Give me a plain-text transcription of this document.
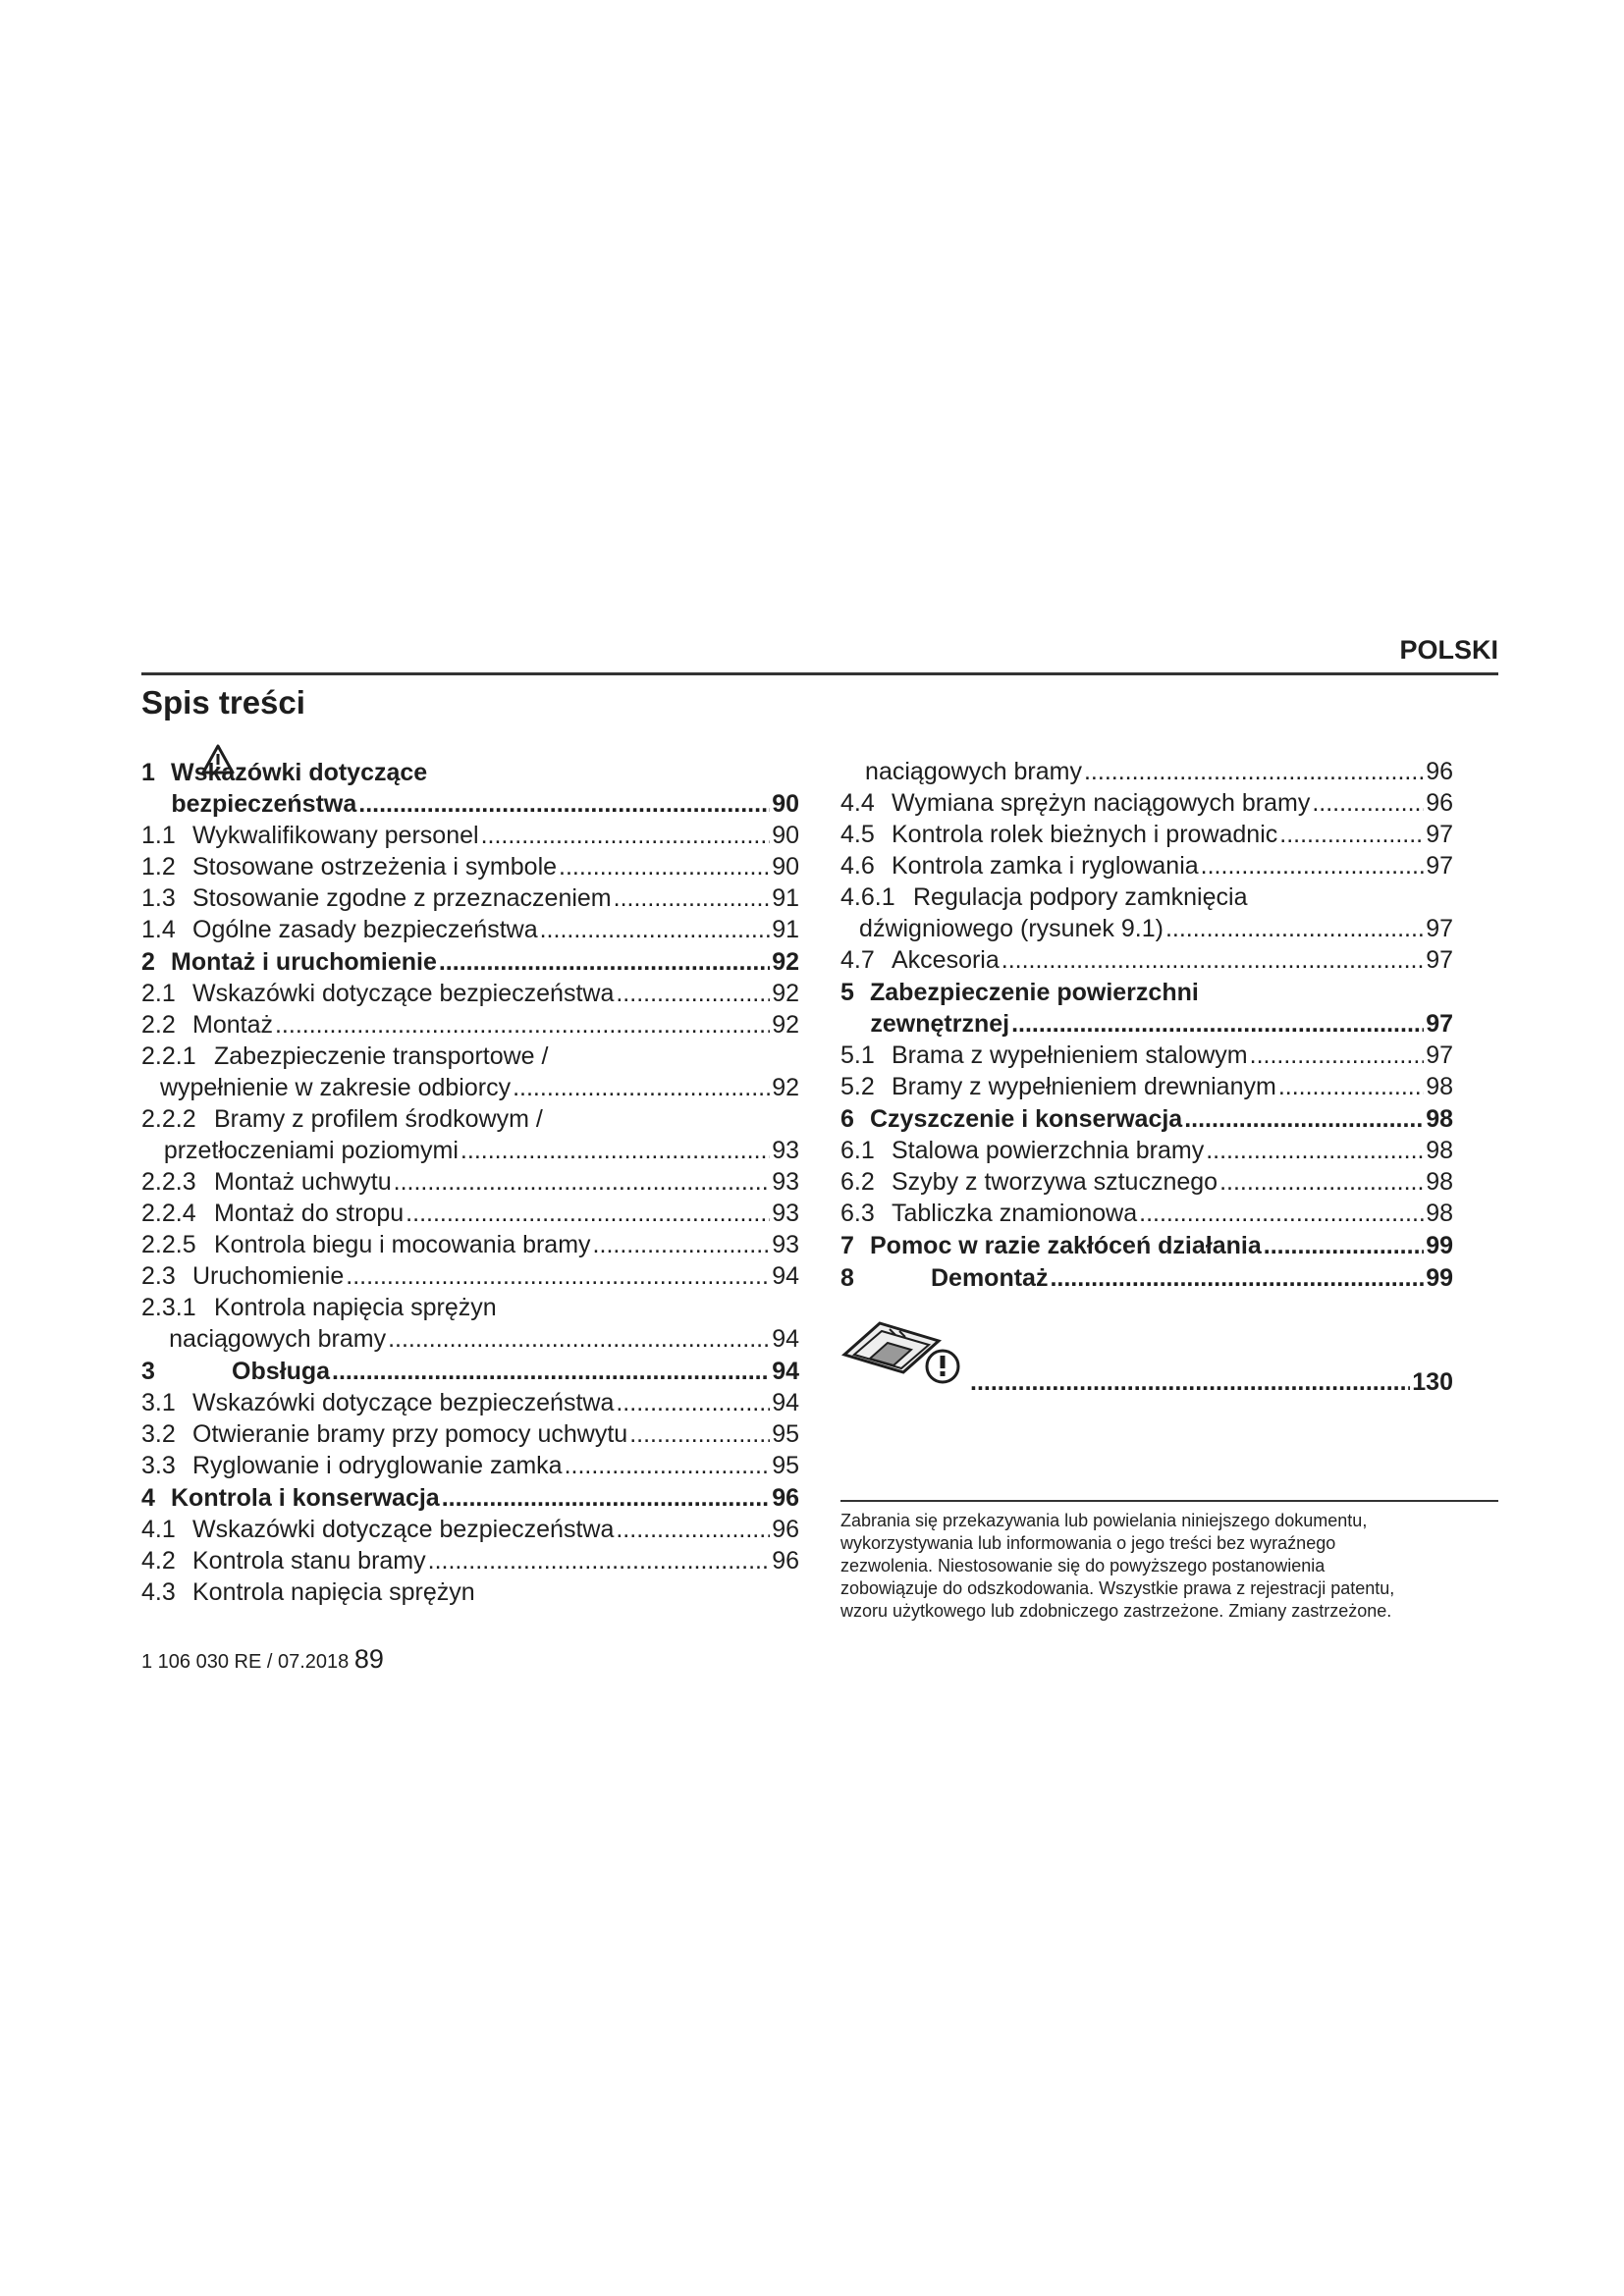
POLSKI
Spis treści
1 Wskazówki dotyczące
bezpieczeństwa .....	90
1.1 Wykwalifikowany personel .....	90
1.2 Stosowane ostrzeżenia i symbole .....	90
1.3 Stosowanie zgodne z przeznaczeniem .....	91
1.4 Ogólne zasady bezpieczeństwa .....	91
2 Montaż i uruchomienie .....	92
2.1 Wskazówki dotyczące bezpieczeństwa .....	92
2.2 Montaż .....	92
2.2.1 Zabezpieczenie transportowe /
wypełnienie w zakresie odbiorcy .....	92
2.2.2 Bramy z profilem środkowym /
przetłoczeniami poziomymi .....	93
2.2.3 Montaż uchwytu .....	93
2.2.4 Montaż do stropu .....	93
2.2.5 Kontrola biegu i mocowania bramy .....	93
2.3 Uruchomienie .....	94
2.3.1 Kontrola napięcia sprężyn
naciągowych bramy .....	94
3	Obsługa .....	94
3.1 Wskazówki dotyczące bezpieczeństwa .....	94
3.2 Otwieranie bramy przy pomocy uchwytu .....	95
3.3 Ryglowanie i odryglowanie zamka .....	95
4 Kontrola i konserwacja .....	96
4.1 Wskazówki dotyczące bezpieczeństwa .....	96
4.2 Kontrola stanu bramy .....	96
4.3 Kontrola napięcia sprężyn
naciągowych bramy .....	96
4.4 Wymiana sprężyn naciągowych bramy .....	96
4.5 Kontrola rolek bieżnych i prowadnic .....	97
4.6 Kontrola zamka i ryglowania .....	97
4.6.1 Regulacja podpory zamknięcia
dźwigniowego (rysunek 9.1) .....	97
4.7 Akcesoria .....	97
5 Zabezpieczenie powierzchni
zewnętrznej .....	97
5.1 Brama z wypełnieniem stalowym .....	97
5.2 Bramy z wypełnieniem drewnianym .....	98
6 Czyszczenie i konserwacja .....	98
6.1 Stalowa powierzchnia bramy .....	98
6.2 Szyby z tworzywa sztucznego .....	98
6.3 Tabliczka znamionowa .....	98
7 Pomoc w razie zakłóceń działania .....	99
8	Demontaż .....	99
.....
130
Zabrania się przekazywania lub powielania niniejszego dokumentu,
wykorzystywania lub informowania o jego treści bez wyraźnego
zezwolenia. Niestosowanie się do powyższego postanowienia
zobowiązuje do odszkodowania. Wszystkie prawa z rejestracji patentu,
wzoru użytkowego lub zdobniczego zastrzeżone. Zmiany zastrzeżone.
1 106 030 RE / 07.2018 89
